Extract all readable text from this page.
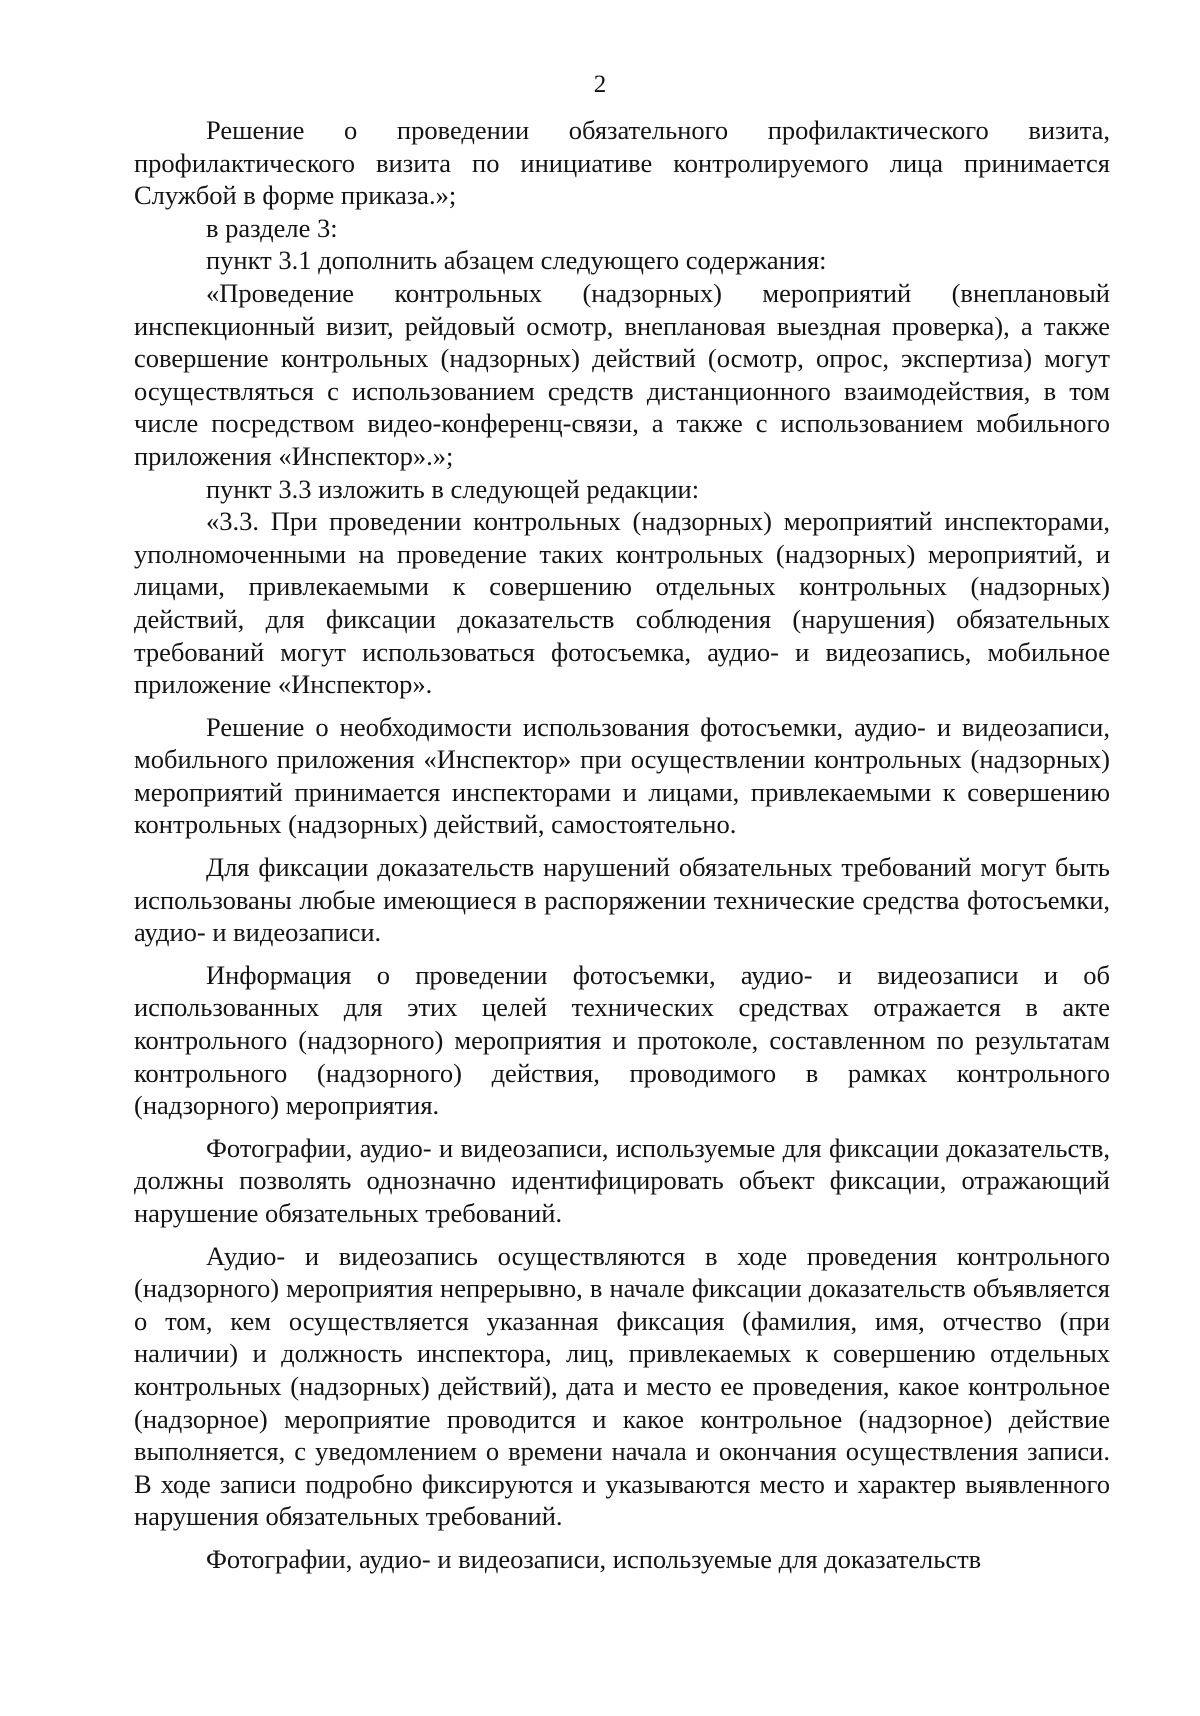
2

Решение о проведении обязательного профилактического визита, профилактического визита по инициативе контролируемого лица принимается Службой в форме приказа.»;

в разделе 3:

пункт 3.1 дополнить абзацем следующего содержания:

«Проведение контрольных (надзорных) мероприятий (внеплановый инспекционный визит, рейдовый осмотр, внеплановая выездная проверка), а также совершение контрольных (надзорных) действий (осмотр, опрос, экспертиза) могут осуществляться с использованием средств дистанционного взаимодействия, в том числе посредством видео-конференц-связи, а также с использованием мобильного приложения «Инспектор».»;

пункт 3.3 изложить в следующей редакции:

«3.3. При проведении контрольных (надзорных) мероприятий инспекторами, уполномоченными на проведение таких контрольных (надзорных) мероприятий, и лицами, привлекаемыми к совершению отдельных контрольных (надзорных) действий, для фиксации доказательств соблюдения (нарушения) обязательных требований могут использоваться фотосъемка, аудио- и видеозапись, мобильное приложение «Инспектор».

Решение о необходимости использования фотосъемки, аудио- и видеозаписи, мобильного приложения «Инспектор» при осуществлении контрольных (надзорных) мероприятий принимается инспекторами и лицами, привлекаемыми к совершению контрольных (надзорных) действий, самостоятельно.

Для фиксации доказательств нарушений обязательных требований могут быть использованы любые имеющиеся в распоряжении технические средства фотосъемки, аудио- и видеозаписи.

Информация о проведении фотосъемки, аудио- и видеозаписи и об использованных для этих целей технических средствах отражается в акте контрольного (надзорного) мероприятия и протоколе, составленном по результатам контрольного (надзорного) действия, проводимого в рамках контрольного (надзорного) мероприятия.

Фотографии, аудио- и видеозаписи, используемые для фиксации доказательств, должны позволять однозначно идентифицировать объект фиксации, отражающий нарушение обязательных требований.

Аудио- и видеозапись осуществляются в ходе проведения контрольного (надзорного) мероприятия непрерывно, в начале фиксации доказательств объявляется о том, кем осуществляется указанная фиксация (фамилия, имя, отчество (при наличии) и должность инспектора, лиц, привлекаемых к совершению отдельных контрольных (надзорных) действий), дата и место ее проведения, какое контрольное (надзорное) мероприятие проводится и какое контрольное (надзорное) действие выполняется, с уведомлением о времени начала и окончания осуществления записи. В ходе записи подробно фиксируются и указываются место и характер выявленного нарушения обязательных требований.

Фотографии, аудио- и видеозаписи, используемые для доказательств
